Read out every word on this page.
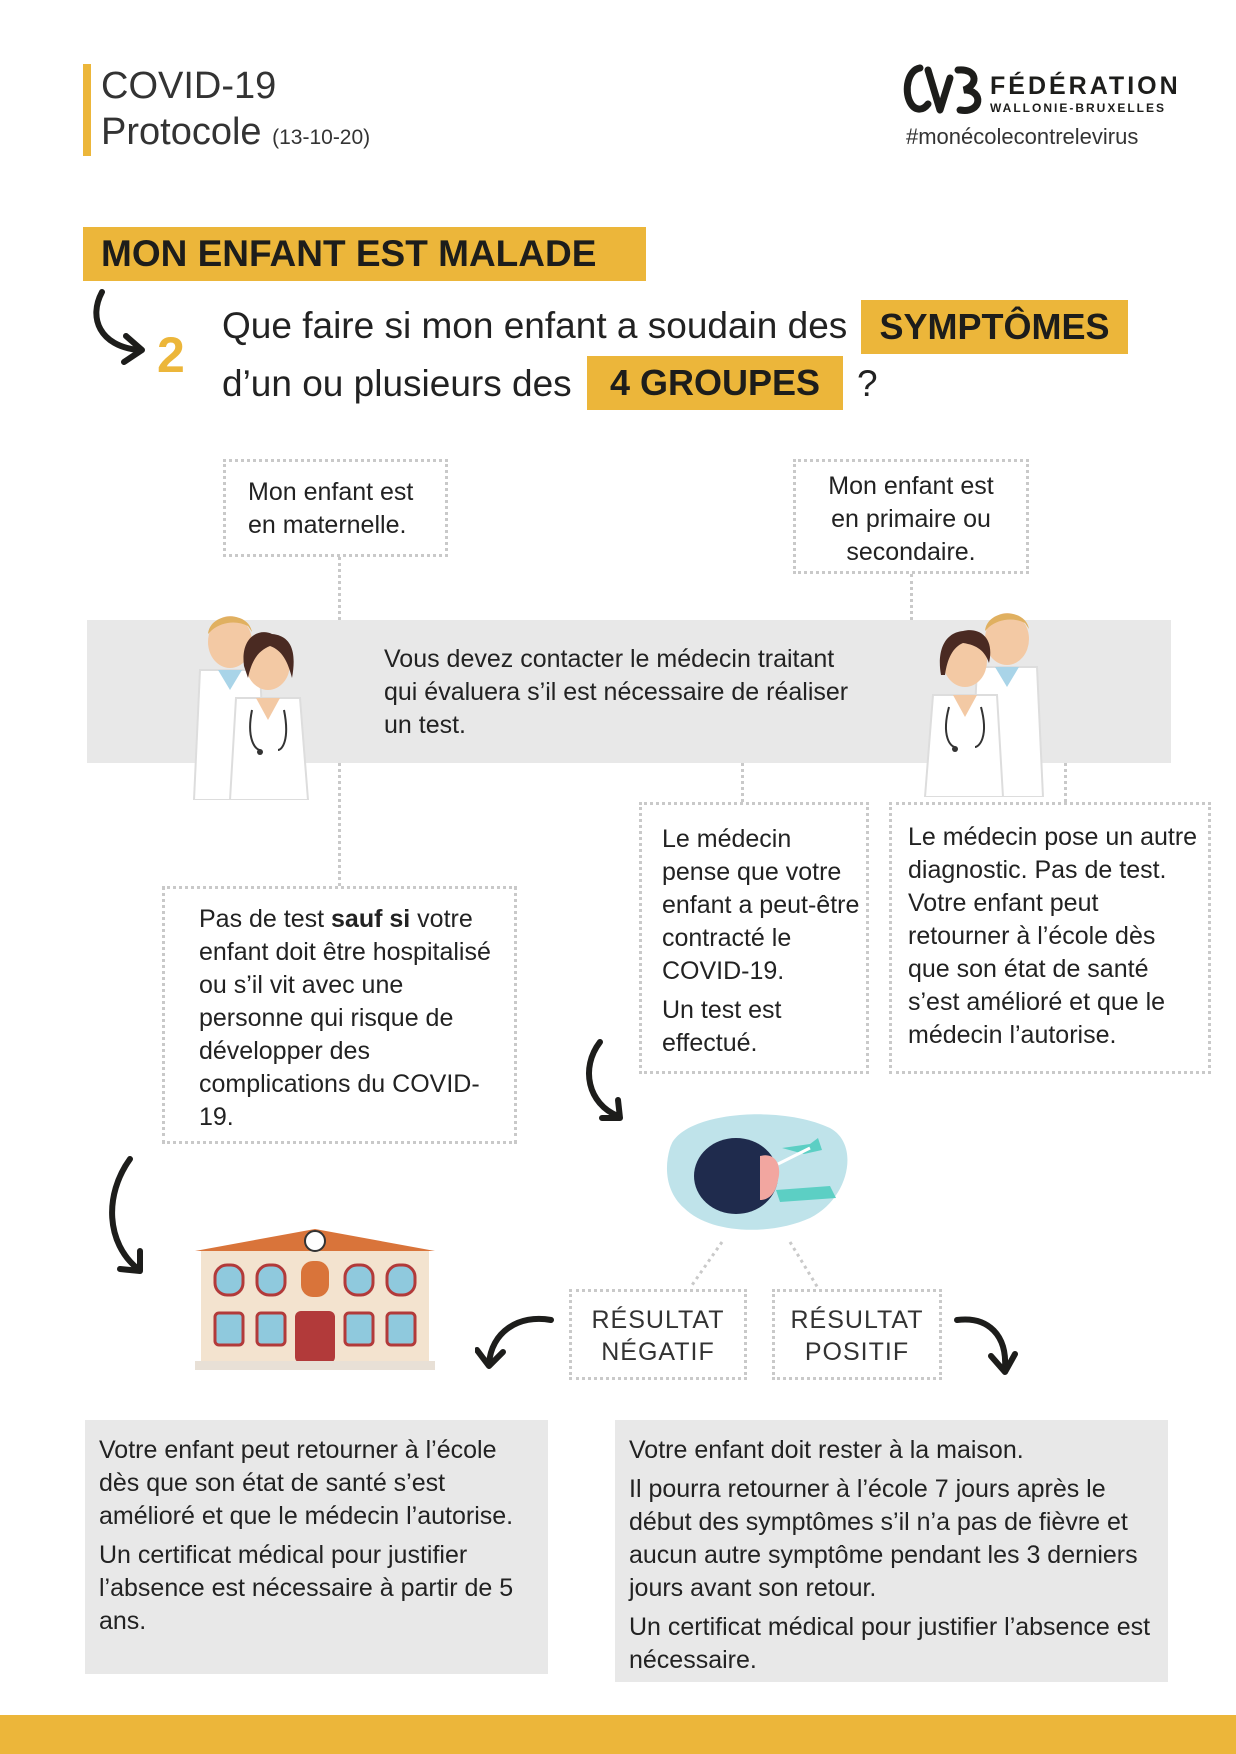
COVID-19
Protocole (13-10-20)
FÉDÉRATION
WALLONIE-BRUXELLES
#monécolecontrelevirus
MON ENFANT EST MALADE
2
Que faire si mon enfant a soudain des SYMPTÔMES
d’un ou plusieurs des	4 GROUPES ?

Mon enfant est en maternelle.

Mon enfant est en primaire ou secondaire.

Vous devez contacter le médecin traitant qui évaluera s’il est nécessaire de réaliser un test.

Pas de test sauf si votre enfant doit être hospitalisé ou s’il vit avec une personne qui risque de développer des complications du COVID-19.

Le médecin pense que votre enfant a peut-être contracté le COVID-19.

Un test est effectué.

Le médecin pose un autre diagnostic. Pas de test. Votre enfant peut retourner à l’école dès que son état de santé s’est amélioré et que le médecin l’autorise.

RÉSULTAT
NÉGATIF
RÉSULTAT
POSITIF

Votre enfant peut retourner à l’école dès que son état de santé s’est amélioré et que le médecin l’autorise.

Un certificat médical pour justifier l’absence est nécessaire à partir de 5 ans.

Votre enfant doit rester à la maison.

Il pourra retourner à l’école 7 jours après le début des symptômes s’il n’a pas de fièvre et aucun autre symptôme pendant les 3 derniers jours avant son retour.

Un certificat médical pour justifier l’absence est nécessaire.
